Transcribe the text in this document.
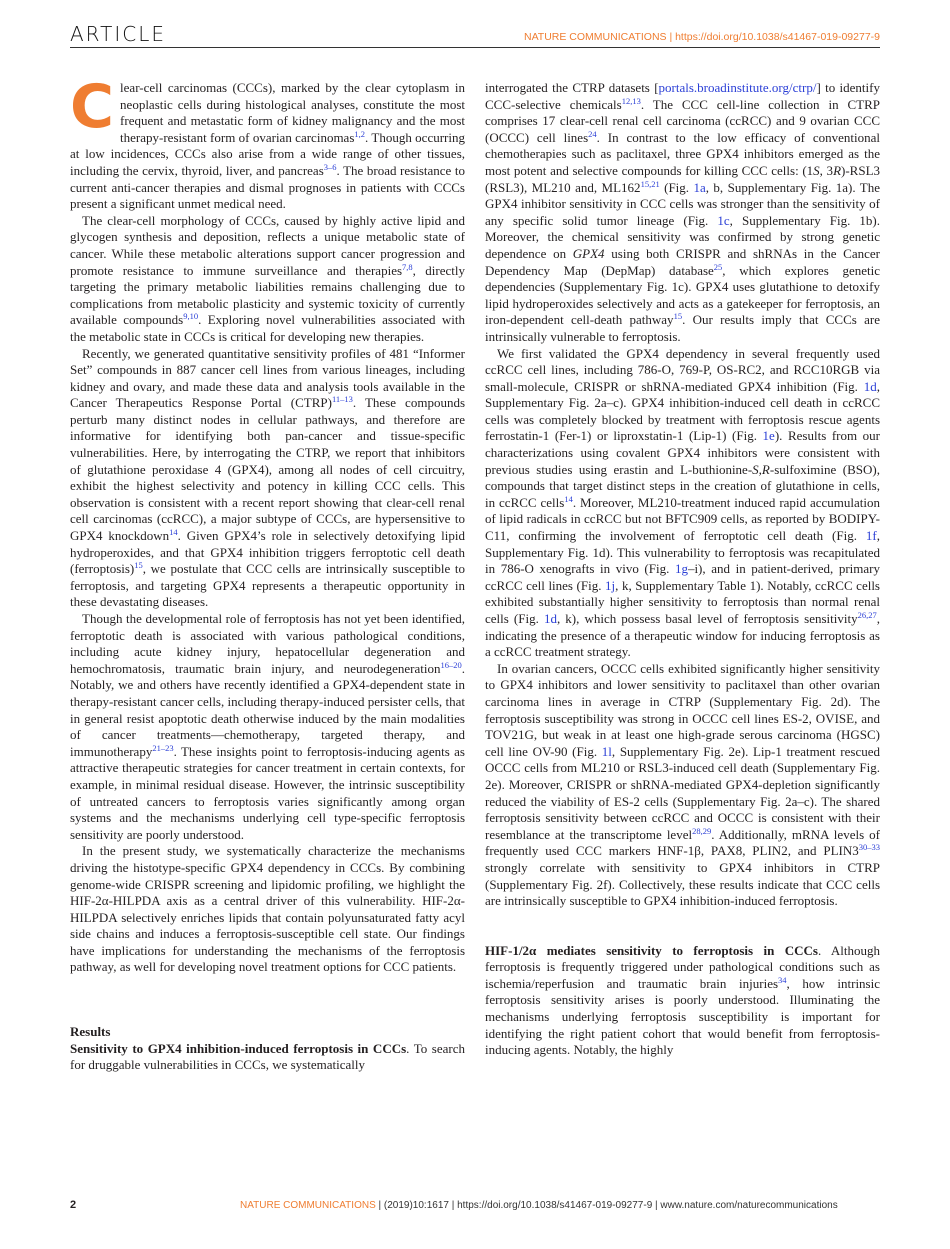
ARTICLE	NATURE COMMUNICATIONS | https://doi.org/10.1038/s41467-019-09277-9
C lear-cell carcinomas (CCCs), marked by the clear cytoplasm in neoplastic cells during histological analyses, constitute the most frequent and metastatic form of kidney malignancy and the most therapy-resistant form of ovarian carcinomas$^{1,2}$. Though occurring at low incidences, CCCs also arise from a wide range of other tissues, including the cervix, thyroid, liver, and pancreas$^{3-6}$. The broad resistance to current anti-cancer therapies and dismal prognoses in patients with CCCs present a significant unmet medical need.

The clear-cell morphology of CCCs, caused by highly active lipid and glycogen synthesis and deposition, reflects a unique metabolic state of cancer. While these metabolic alterations support cancer progression and promote resistance to immune surveillance and therapies$^{7,8}$, directly targeting the primary metabolic liabilities remains challenging due to complications from metabolic plasticity and systemic toxicity of currently available compounds$^{9,10}$. Exploring novel vulnerabilities associated with the metabolic state in CCCs is critical for developing new therapies.

Recently, we generated quantitative sensitivity profiles of 481 “Informer Set” compounds in 887 cancer cell lines from various lineages, including kidney and ovary, and made these data and analysis tools available in the Cancer Therapeutics Response Portal (CTRP)$^{11-13}$. These compounds perturb many distinct nodes in cellular pathways, and therefore are informative for identifying both pan-cancer and tissue-specific vulnerabilities. Here, by interrogating the CTRP, we report that inhibitors of glutathione peroxidase 4 (GPX4), among all nodes of cell circuitry, exhibit the highest selectivity and potency in killing CCC cells. This observation is consistent with a recent report showing that clear-cell renal cell carcinomas (ccRCC), a major subtype of CCCs, are hypersensitive to GPX4 knockdown$^{14}$. Given GPX4’s role in selectively detoxifying lipid hydroperoxides, and that GPX4 inhibition triggers ferroptotic cell death (ferroptosis)$^{15}$, we postulate that CCC cells are intrinsically susceptible to ferroptosis, and targeting GPX4 represents a therapeutic opportunity in these devastating diseases.

Though the developmental role of ferroptosis has not yet been identified, ferroptotic death is associated with various pathological conditions, including acute kidney injury, hepatocellular degeneration and hemochromatosis, traumatic brain injury, and neurodegeneration$^{16-20}$. Notably, we and others have recently identified a GPX4-dependent state in therapy-resistant cancer cells, including therapy-induced persister cells, that in general resist apoptotic death otherwise induced by the main modalities of cancer treatments—chemotherapy, targeted therapy, and immunotherapy$^{21-23}$. These insights point to ferroptosis-inducing agents as attractive therapeutic strategies for cancer treatment in certain contexts, for example, in minimal residual disease. However, the intrinsic susceptibility of untreated cancers to ferroptosis varies significantly among organ systems and the mechanisms underlying cell type-specific ferroptosis sensitivity are poorly understood.

In the present study, we systematically characterize the mechanisms driving the histotype-specific GPX4 dependency in CCCs. By combining genome-wide CRISPR screening and lipidomic profiling, we highlight the HIF-2α-HILPDA axis as a central driver of this vulnerability. HIF-2α-HILPDA selectively enriches lipids that contain polyunsaturated fatty acyl side chains and induces a ferroptosis-susceptible cell state. Our findings have implications for understanding the mechanisms of the ferroptosis pathway, as well for developing novel treatment options for CCC patients.

Results

Sensitivity to GPX4 inhibition-induced ferroptosis in CCCs. To search for druggable vulnerabilities in CCCs, we systematically

interrogated the CTRP datasets [portals.broadinstitute.org/ctrp/] to identify CCC-selective chemicals$^{12,13}$. The CCC cell-line collection in CTRP comprises 17 clear-cell renal cell carcinoma (ccRCC) and 9 ovarian CCC (OCCC) cell lines$^{24}$. In contrast to the low efficacy of conventional chemotherapies such as paclitaxel, three GPX4 inhibitors emerged as the most potent and selective compounds for killing CCC cells: (1S, 3R)-RSL3 (RSL3), ML210 and, ML162$^{15,21}$ (Fig. 1a, b, Supplementary Fig. 1a). The GPX4 inhibitor sensitivity in CCC cells was stronger than the sensitivity of any specific solid tumor lineage (Fig. 1c, Supplementary Fig. 1b). Moreover, the chemical sensitivity was confirmed by strong genetic dependence on GPX4 using both CRISPR and shRNAs in the Cancer Dependency Map (DepMap) database$^{25}$, which explores genetic dependencies (Supplementary Fig. 1c). GPX4 uses glutathione to detoxify lipid hydroperoxides selectively and acts as a gatekeeper for ferroptosis, an iron-dependent cell-death pathway$^{15}$. Our results imply that CCCs are intrinsically vulnerable to ferroptosis.

We first validated the GPX4 dependency in several frequently used ccRCC cell lines, including 786-O, 769-P, OS-RC2, and RCC10RGB via small-molecule, CRISPR or shRNA-mediated GPX4 inhibition (Fig. 1d, Supplementary Fig. 2a–c). GPX4 inhibition-induced cell death in ccRCC cells was completely blocked by treatment with ferroptosis rescue agents ferrostatin-1 (Fer-1) or liproxstatin-1 (Lip-1) (Fig. 1e). Results from our characterizations using covalent GPX4 inhibitors were consistent with previous studies using erastin and L-buthionine-S,R-sulfoximine (BSO), compounds that target distinct steps in the creation of glutathione in cells, in ccRCC cells$^{14}$. Moreover, ML210-treatment induced rapid accumulation of lipid radicals in ccRCC but not BFTC909 cells, as reported by BODIPY-C11, confirming the involvement of ferroptotic cell death (Fig. 1f, Supplementary Fig. 1d). This vulnerability to ferroptosis was recapitulated in 786-O xenografts in vivo (Fig. 1g–i), and in patient-derived, primary ccRCC cell lines (Fig. 1j, k, Supplementary Table 1). Notably, ccRCC cells exhibited substantially higher sensitivity to ferroptosis than normal renal cells (Fig. 1d, k), which possess basal level of ferroptosis sensitivity$^{26,27}$, indicating the presence of a therapeutic window for inducing ferroptosis as a ccRCC treatment strategy.

In ovarian cancers, OCCC cells exhibited significantly higher sensitivity to GPX4 inhibitors and lower sensitivity to paclitaxel than other ovarian carcinoma lines in average in CTRP (Supplementary Fig. 2d). The ferroptosis susceptibility was strong in OCCC cell lines ES-2, OVISE, and TOV21G, but weak in at least one high-grade serous carcinoma (HGSC) cell line OV-90 (Fig. 1l, Supplementary Fig. 2e). Lip-1 treatment rescued OCCC cells from ML210 or RSL3-induced cell death (Supplementary Fig. 2e). Moreover, CRISPR or shRNA-mediated GPX4-depletion significantly reduced the viability of ES-2 cells (Supplementary Fig. 2a–c). The shared ferroptosis sensitivity between ccRCC and OCCC is consistent with their resemblance at the transcriptome level$^{28,29}$. Additionally, mRNA levels of frequently used CCC markers HNF-1β, PAX8, PLIN2, and PLIN3$^{30-33}$ strongly correlate with sensitivity to GPX4 inhibitors in CTRP (Supplementary Fig. 2f). Collectively, these results indicate that CCC cells are intrinsically susceptible to GPX4 inhibition-induced ferroptosis.

HIF-1/2α mediates sensitivity to ferroptosis in CCCs. Although ferroptosis is frequently triggered under pathological conditions such as ischemia/reperfusion and traumatic brain injuries$^{34}$, how intrinsic ferroptosis sensitivity arises is poorly understood. Illuminating the mechanisms underlying ferroptosis susceptibility is important for identifying the right patient cohort that would benefit from ferroptosis-inducing agents. Notably, the highly

2	NATURE COMMUNICATIONS | (2019)10:1617 | https://doi.org/10.1038/s41467-019-09277-9 | www.nature.com/naturecommunications
